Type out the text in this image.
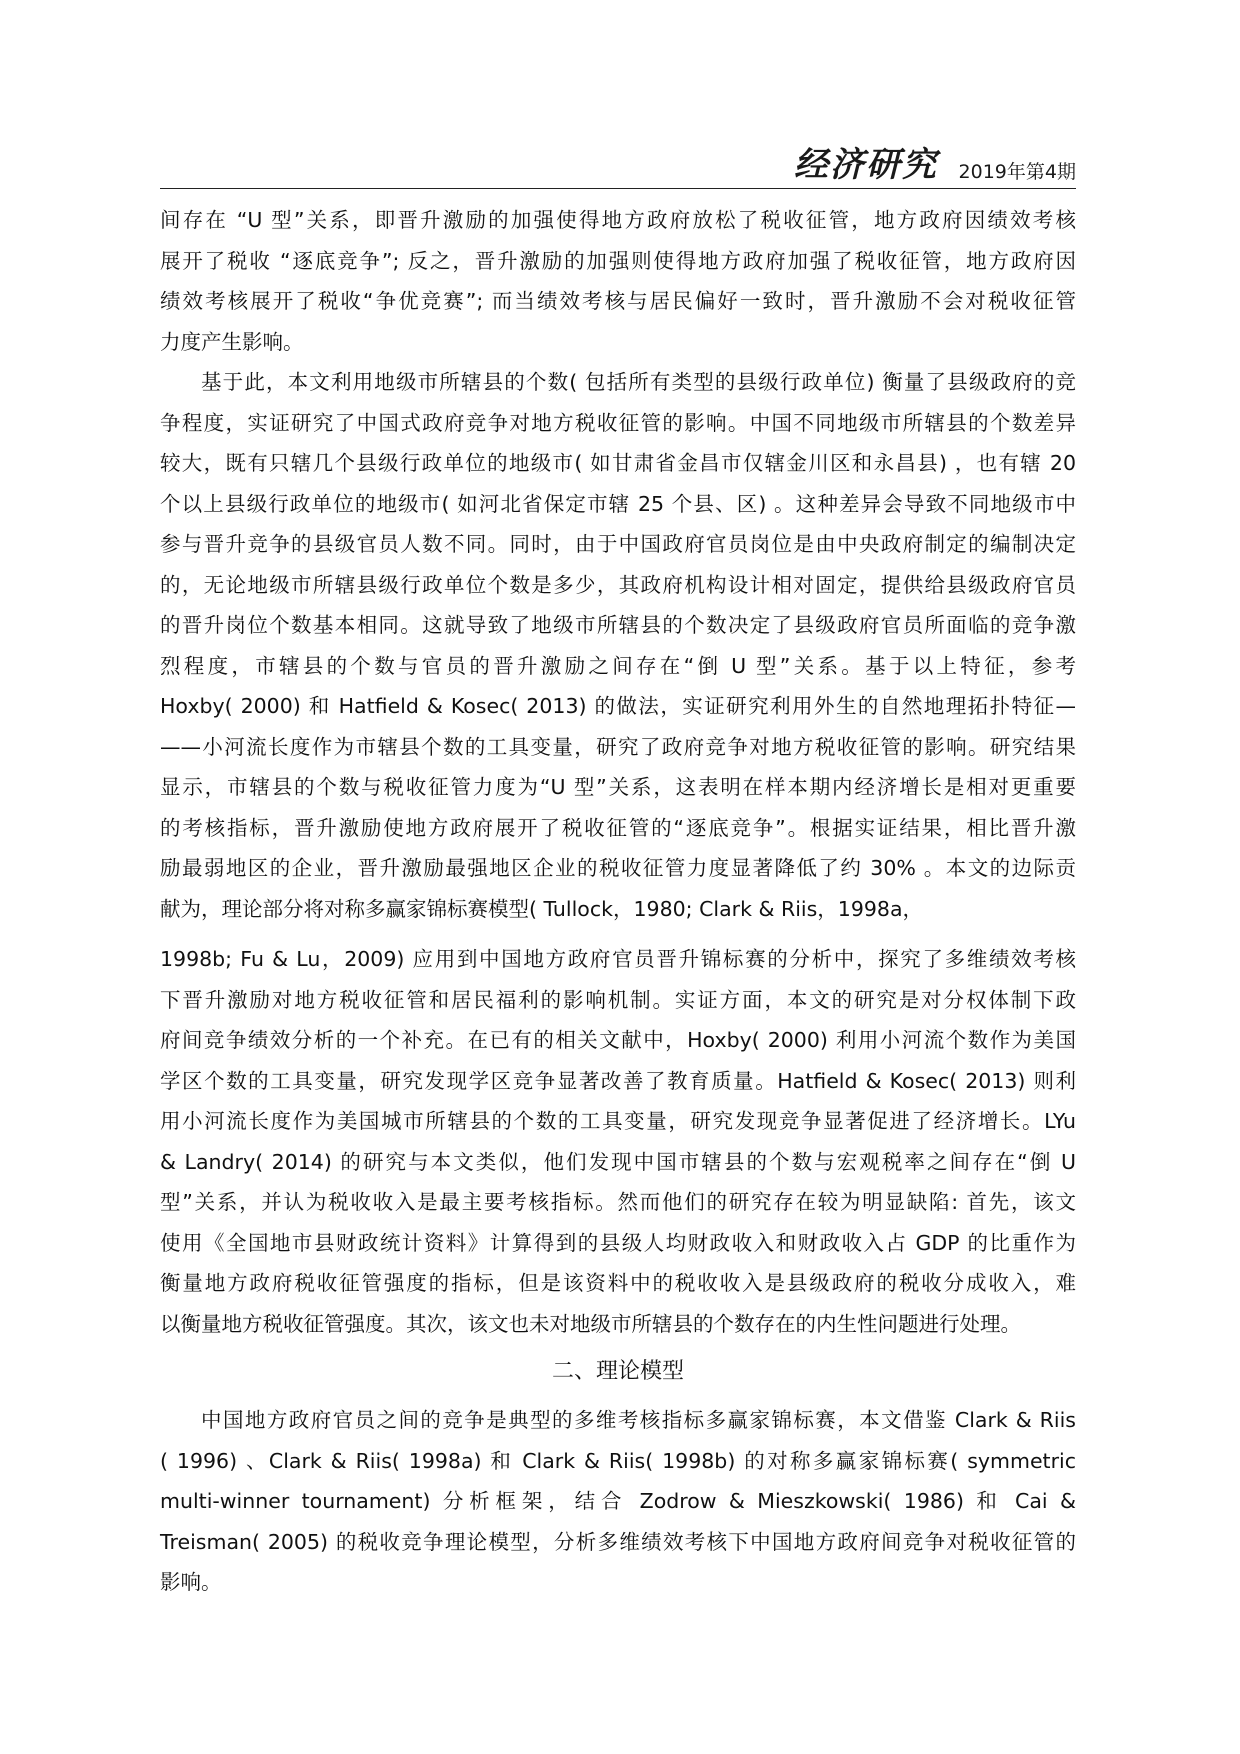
经济研究 2019年第4期
间存在 “U 型”关系，即晋升激励的加强使得地方政府放松了税收征管，地方政府因绩效考核
展开了税收 “逐底竞争”; 反之，晋升激励的加强则使得地方政府加强了税收征管，地方政府因
绩效考核展开了税收“争优竞赛”; 而当绩效考核与居民偏好一致时，晋升激励不会对税收征管
力度产生影响。
基于此，本文利用地级市所辖县的个数( 包括所有类型的县级行政单位) 衡量了县级政府的竞
争程度，实证研究了中国式政府竞争对地方税收征管的影响。中国不同地级市所辖县的个数差异
较大，既有只辖几个县级行政单位的地级市( 如甘肃省金昌市仅辖金川区和永昌县) ，也有辖 20
个以上县级行政单位的地级市( 如河北省保定市辖 25 个县、区) 。这种差异会导致不同地级市中
参与晋升竞争的县级官员人数不同。同时，由于中国政府官员岗位是由中央政府制定的编制决定
的，无论地级市所辖县级行政单位个数是多少，其政府机构设计相对固定，提供给县级政府官员
的晋升岗位个数基本相同。这就导致了地级市所辖县的个数决定了县级政府官员所面临的竞争激
烈程度，市辖县的个数与官员的晋升激励之间存在“倒 U 型”关系。基于以上特征，参考
Hoxby( 2000) 和 Hatfield & Kosec( 2013) 的做法，实证研究利用外生的自然地理拓扑特征—
——小河流长度作为市辖县个数的工具变量，研究了政府竞争对地方税收征管的影响。研究结果
显示，市辖县的个数与税收征管力度为“U 型”关系，这表明在样本期内经济增长是相对更重要
的考核指标，晋升激励使地方政府展开了税收征管的“逐底竞争”。根据实证结果，相比晋升激
励最弱地区的企业，晋升激励最强地区企业的税收征管力度显著降低了约 30% 。本文的边际贡
献为，理论部分将对称多赢家锦标赛模型( Tullock，1980; Clark & Riis，1998a，
1998b; Fu & Lu，2009) 应用到中国地方政府官员晋升锦标赛的分析中，探究了多维绩效考核
下晋升激励对地方税收征管和居民福利的影响机制。实证方面，本文的研究是对分权体制下政
府间竞争绩效分析的一个补充。在已有的相关文献中，Hoxby( 2000) 利用小河流个数作为美国
学区个数的工具变量，研究发现学区竞争显著改善了教育质量。Hatfield & Kosec( 2013) 则利
用小河流长度作为美国城市所辖县的个数的工具变量，研究发现竞争显著促进了经济增长。LYu
& Landry( 2014) 的研究与本文类似，他们发现中国市辖县的个数与宏观税率之间存在“倒 U
型”关系，并认为税收收入是最主要考核指标。然而他们的研究存在较为明显缺陷: 首先，该文
使用《全国地市县财政统计资料》计算得到的县级人均财政收入和财政收入占 GDP 的比重作为
衡量地方政府税收征管强度的指标，但是该资料中的税收收入是县级政府的税收分成收入，难
以衡量地方税收征管强度。其次，该文也未对地级市所辖县的个数存在的内生性问题进行处理。
二、理论模型
中国地方政府官员之间的竞争是典型的多维考核指标多赢家锦标赛，本文借鉴 Clark & Riis
( 1996) 、Clark & Riis( 1998a) 和 Clark & Riis( 1998b) 的对称多赢家锦标赛( symmetric
multi-winner tournament) 分析框架，结合 Zodrow & Mieszkowski( 1986) 和 Cai &
Treisman( 2005) 的税收竞争理论模型，分析多维绩效考核下中国地方政府间竞争对税收征管的
影响。
